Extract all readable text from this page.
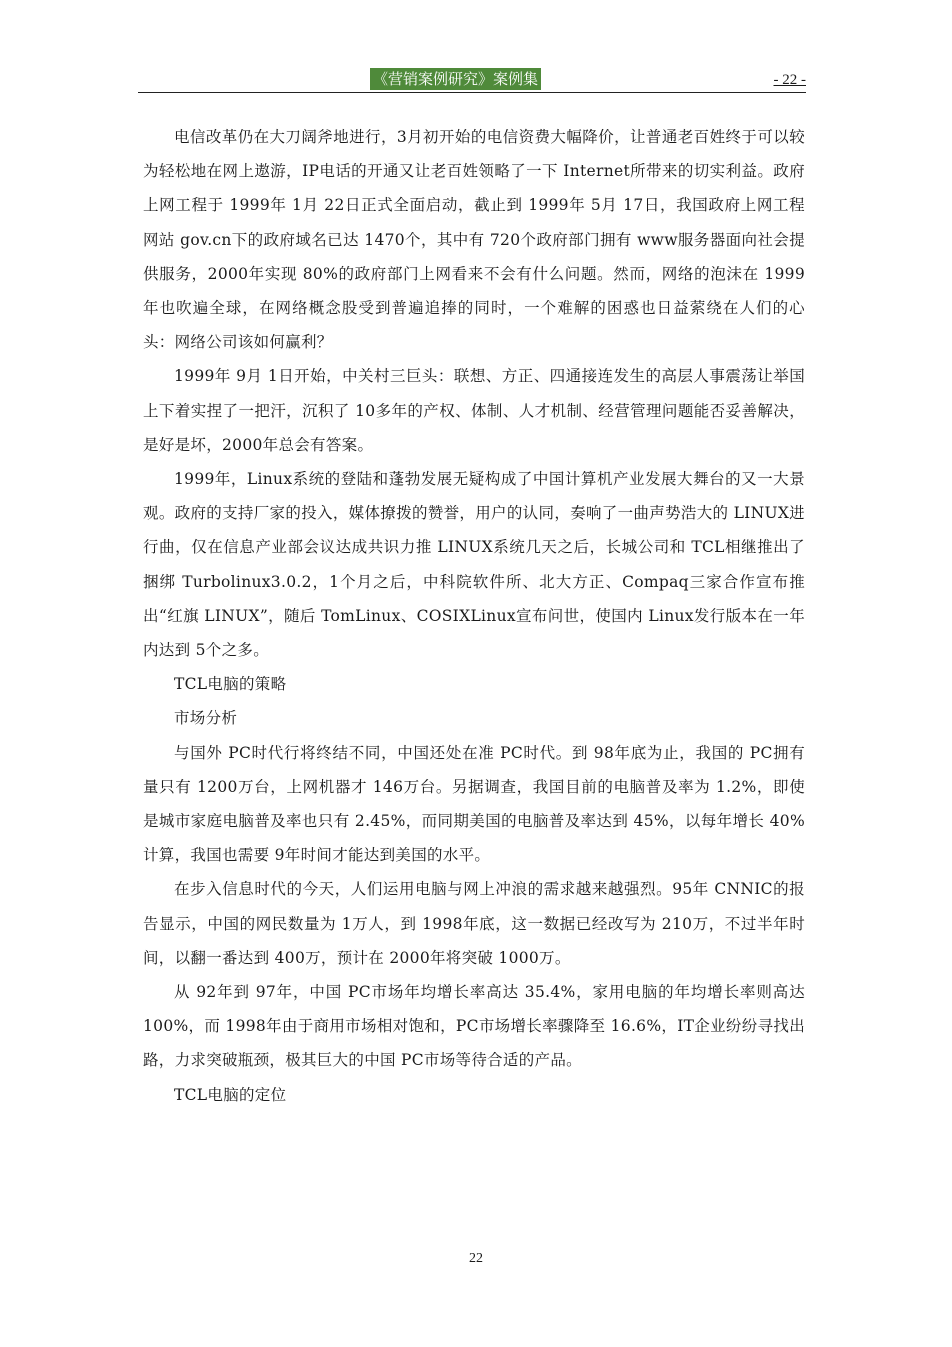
《营销案例研究》案例集	- 22 -

电信改革仍在大刀阔斧地进行，3月初开始的电信资费大幅降价，让普通老百姓终于可以较为轻松地在网上遨游，IP电话的开通又让老百姓领略了一下 Internet所带来的切实利益。政府上网工程于 1999年 1月 22日正式全面启动，截止到 1999年 5月 17日，我国政府上网工程网站 gov.cn下的政府域名已达 1470个，其中有 720个政府部门拥有 www服务器面向社会提供服务，2000年实现 80%的政府部门上网看来不会有什么问题。然而，网络的泡沫在 1999年也吹遍全球，在网络概念股受到普遍追捧的同时，一个难解的困惑也日益萦绕在人们的心头：网络公司该如何赢利？

1999年 9月 1日开始，中关村三巨头：联想、方正、四通接连发生的高层人事震荡让举国上下着实捏了一把汗，沉积了 10多年的产权、体制、人才机制、经营管理问题能否妥善解决，是好是坏，2000年总会有答案。

1999年，Linux系统的登陆和蓬勃发展无疑构成了中国计算机产业发展大舞台的又一大景观。政府的支持厂家的投入，媒体撩拨的赞誉，用户的认同，奏响了一曲声势浩大的 LINUX进行曲，仅在信息产业部会议达成共识力推 LINUX系统几天之后，长城公司和 TCL相继推出了捆绑 Turbolinux3.0.2，1个月之后，中科院软件所、北大方正、Compaq三家合作宣布推出“红旗 LINUX”，随后 TomLinux、COSIXLinux宣布问世，使国内 Linux发行版本在一年内达到 5个之多。

TCL电脑的策略

市场分析

与国外 PC时代行将终结不同，中国还处在准 PC时代。到 98年底为止，我国的 PC拥有量只有 1200万台，上网机器才 146万台。另据调查，我国目前的电脑普及率为 1.2%，即使是城市家庭电脑普及率也只有 2.45%，而同期美国的电脑普及率达到 45%，以每年增长 40%计算，我国也需要 9年时间才能达到美国的水平。

在步入信息时代的今天，人们运用电脑与网上冲浪的需求越来越强烈。95年 CNNIC的报告显示，中国的网民数量为 1万人，到 1998年底，这一数据已经改写为 210万，不过半年时间，以翻一番达到 400万，预计在 2000年将突破 1000万。

从 92年到 97年，中国 PC市场年均增长率高达 35.4%，家用电脑的年均增长率则高达 100%，而 1998年由于商用市场相对饱和，PC市场增长率骤降至 16.6%，IT企业纷纷寻找出路，力求突破瓶颈，极其巨大的中国 PC市场等待合适的产品。

TCL电脑的定位

22
